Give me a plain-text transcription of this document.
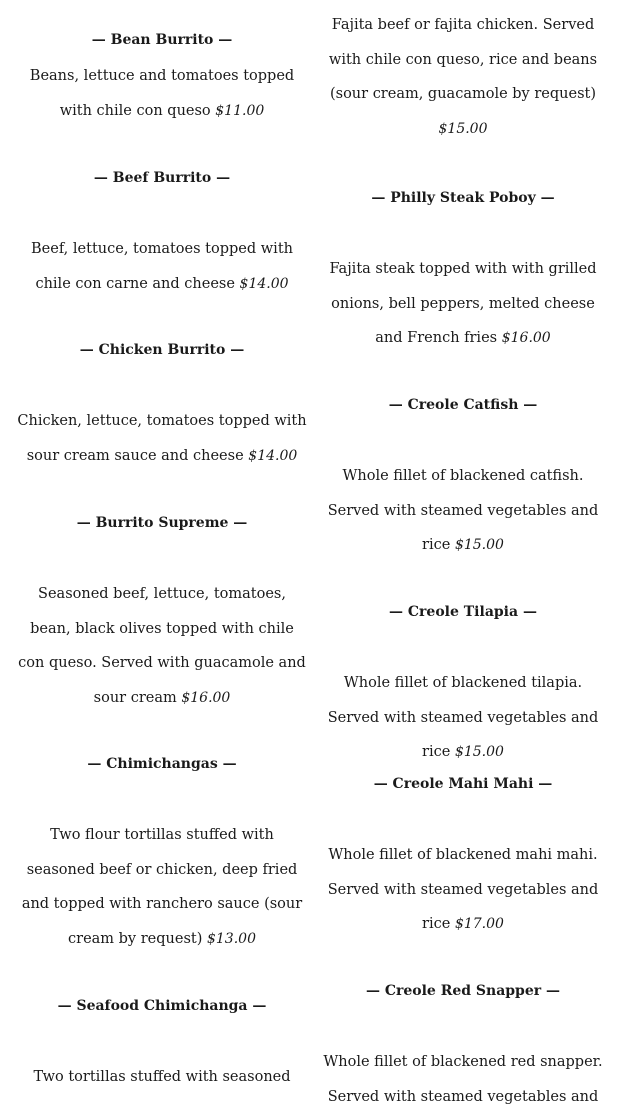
— Bean Burrito —
Beans, lettuce and tomatoes topped with chile con queso $11.00
— Beef Burrito —
Beef, lettuce, tomatoes topped with chile con carne and cheese $14.00
— Chicken Burrito —
Chicken, lettuce, tomatoes topped with sour cream sauce and cheese $14.00
— Burrito Supreme —
Seasoned beef, lettuce, tomatoes, bean, black olives topped with chile con queso. Served with guacamole and sour cream $16.00
— Chimichangas —
Two flour tortillas stuffed with seasoned beef or chicken, deep fried and topped with ranchero sauce (sour cream by request) $13.00
— Seafood Chimichanga —
Two tortillas stuffed with seasoned
Fajita beef or fajita chicken. Served with chile con queso, rice and beans (sour cream, guacamole by request) $15.00
— Philly Steak Poboy —
Fajita steak topped with with grilled onions, bell peppers, melted cheese and French fries $16.00
— Creole Catfish —
Whole fillet of blackened catfish. Served with steamed vegetables and rice $15.00
— Creole Tilapia —
Whole fillet of blackened tilapia. Served with steamed vegetables and rice $15.00
— Creole Mahi Mahi —
Whole fillet of blackened mahi mahi. Served with steamed vegetables and rice $17.00
— Creole Red Snapper —
Whole fillet of blackened red snapper. Served with steamed vegetables and
